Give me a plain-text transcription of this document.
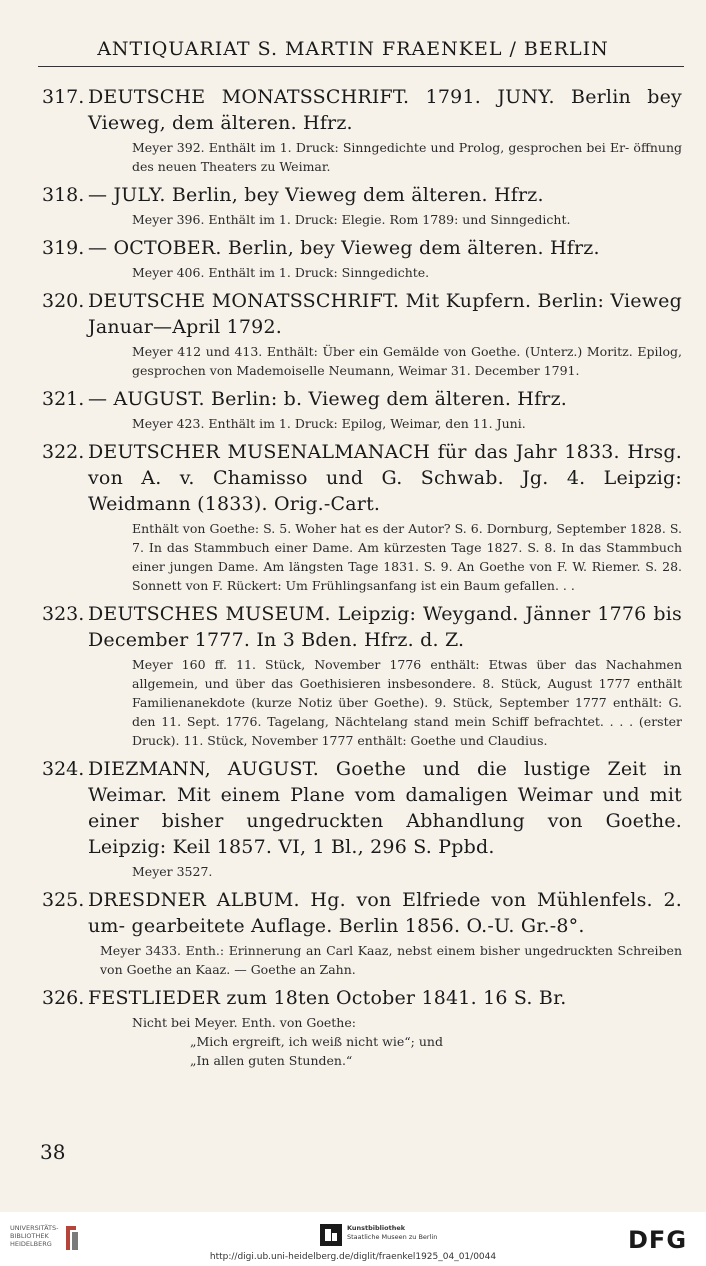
ANTIQUARIAT S. MARTIN FRAENKEL / BERLIN
317. DEUTSCHE MONATSSCHRIFT. 1791. JUNY. Berlin bey Vieweg, dem älteren. Hfrz.
Meyer 392. Enthält im 1. Druck: Sinngedichte und Prolog, gesprochen bei Er- öffnung des neuen Theaters zu Weimar.
318. — JULY. Berlin, bey Vieweg dem älteren. Hfrz.
Meyer 396. Enthält im 1. Druck: Elegie. Rom 1789: und Sinngedicht.
319. — OCTOBER. Berlin, bey Vieweg dem älteren. Hfrz.
Meyer 406. Enthält im 1. Druck: Sinngedichte.
320. DEUTSCHE MONATSSCHRIFT. Mit Kupfern. Berlin: Vieweg Januar—April 1792.
Meyer 412 und 413. Enthält: Über ein Gemälde von Goethe. (Unterz.) Moritz. Epilog, gesprochen von Mademoiselle Neumann, Weimar 31. December 1791.
321. — AUGUST. Berlin: b. Vieweg dem älteren. Hfrz.
Meyer 423. Enthält im 1. Druck: Epilog, Weimar, den 11. Juni.
322. DEUTSCHER MUSENALMANACH für das Jahr 1833. Hrsg. von A. v. Chamisso und G. Schwab. Jg. 4. Leipzig: Weidmann (1833). Orig.-Cart.
Enthält von Goethe: S. 5. Woher hat es der Autor? S. 6. Dornburg, September 1828. S. 7. In das Stammbuch einer Dame. Am kürzesten Tage 1827. S. 8. In das Stammbuch einer jungen Dame. Am längsten Tage 1831. S. 9. An Goethe von F. W. Riemer. S. 28. Sonnett von F. Rückert: Um Frühlingsanfang ist ein Baum gefallen. . .
323. DEUTSCHES MUSEUM. Leipzig: Weygand. Jänner 1776 bis December 1777. In 3 Bden. Hfrz. d. Z.
Meyer 160 ff. 11. Stück, November 1776 enthält: Etwas über das Nachahmen allgemein, und über das Goethisieren insbesondere. 8. Stück, August 1777 enthält Familienanekdote (kurze Notiz über Goethe). 9. Stück, September 1777 enthält: G. den 11. Sept. 1776. Tagelang, Nächtelang stand mein Schiff befrachtet. . . . (erster Druck). 11. Stück, November 1777 enthält: Goethe und Claudius.
324. DIEZMANN, AUGUST. Goethe und die lustige Zeit in Weimar. Mit einem Plane vom damaligen Weimar und mit einer bisher ungedruckten Abhandlung von Goethe. Leipzig: Keil 1857. VI, 1 Bl., 296 S. Ppbd.
Meyer 3527.
325. DRESDNER ALBUM. Hg. von Elfriede von Mühlenfels. 2. um- gearbeitete Auflage. Berlin 1856. O.-U. Gr.-8°.
Meyer 3433. Enth.: Erinnerung an Carl Kaaz, nebst einem bisher ungedruckten Schreiben von Goethe an Kaaz. — Goethe an Zahn.
326. FESTLIEDER zum 18ten October 1841. 16 S. Br.
Nicht bei Meyer. Enth. von Goethe:
„Mich ergreift, ich weiß nicht wie“; und
„In allen guten Stunden.“
38
UNIVERSITÄTS- BIBLIOTHEK HEIDELBERG
Kunstbibliothek
Staatliche Museen zu Berlin
http://digi.ub.uni-heidelberg.de/diglit/fraenkel1925_04_01/0044
DFG
